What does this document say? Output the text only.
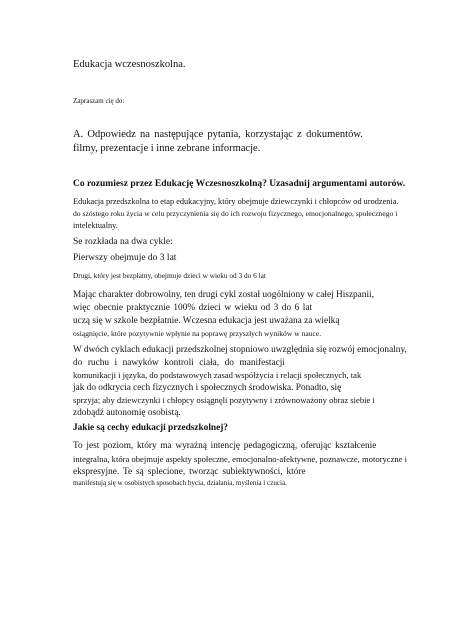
Edukacja wczesnoszkolna.
Zapraszam cię do:
A. Odpowiedz na następujące pytania, korzystając z dokumentów.
filmy, prezentacje i inne zebrane informacje.
Co rozumiesz przez Edukację Wczesnoszkolną? Uzasadnij argumentami autorów.
Edukacja przedszkolna to etap edukacyjny, który obejmuje dziewczynki i chłopców od urodzenia.
do szóstego roku życia w celu przyczynienia się do ich rozwoju fizycznego, emocjonalnego, społecznego i
intelektualny.
Se rozkłada na dwa cykle:
Pierwszy obejmuje do 3 lat
Drugi, który jest bezpłatny, obejmuje dzieci w wieku od 3 do 6 lat
Mając charakter dobrowolny, ten drugi cykl został uogólniony w całej Hiszpanii,
więc obecnie praktycznie 100% dzieci w wieku od 3 do 6 lat
uczą się w szkole bezpłatnie. Wczesna edukacja jest uważana za wielką
osiągnięcie, które pozytywnie wpłynie na poprawę przyszłych wyników w nauce.
W dwóch cyklach edukacji przedszkolnej stopniowo uwzględnia się rozwój emocjonalny,
do ruchu i nawyków kontroli ciała, do manifestacji
komunikacji i języka, do podstawowych zasad współżycia i relacji społecznych, tak
jak do odkrycia cech fizycznych i społecznych środowiska. Ponadto, się
sprzyja; aby dziewczynki i chłopcy osiągnęli pozytywny i zrównoważony obraz siebie i
zdobądź autonomię osobistą.
Jakie są cechy edukacji przedszkolnej?
To jest poziom, który ma wyraźną intencję pedagogiczną, oferując kształcenie
integralna, która obejmuje aspekty społeczne, emocjonalno-afektywne, poznawcze, motoryczne i
ekspresyjne. Te są splecione, tworząc subiektywności, które
manifestują się w osobistych sposobach bycia, działania, myślenia i czucia.
